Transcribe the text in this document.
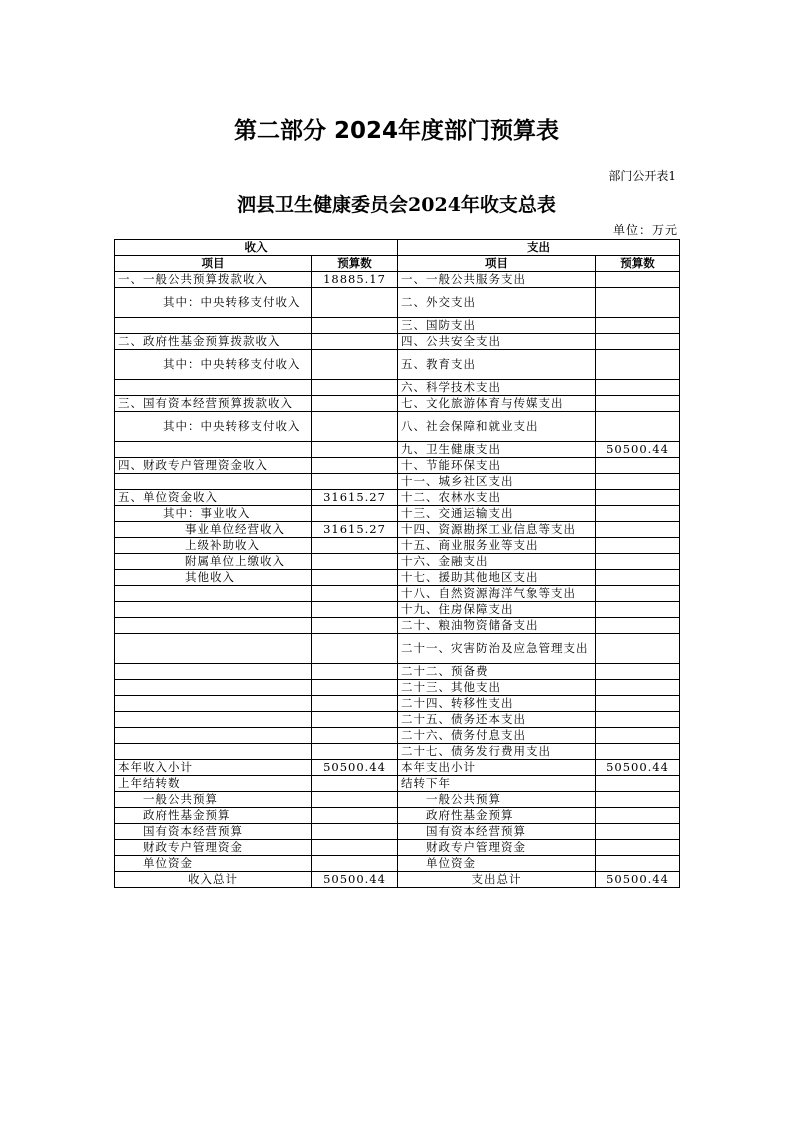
第二部分 2024年度部门预算表
部门公开表1
泗县卫生健康委员会2024年收支总表
单位：万元
收入		支出	
项目	预算数	项目	预算数
一、一般公共预算拨款收入	18885.17	一、一般公共服务支出	
其中：中央转移支付收入		二、外交支出	
		三、国防支出	
二、政府性基金预算拨款收入		四、公共安全支出	
其中：中央转移支付收入		五、教育支出	
		六、科学技术支出	
三、国有资本经营预算拨款收入		七、文化旅游体育与传媒支出	
其中：中央转移支付收入		八、社会保障和就业支出	
		九、卫生健康支出	50500.44
四、财政专户管理资金收入		十、节能环保支出	
		十一、城乡社区支出	
五、单位资金收入	31615.27	十二、农林水支出	
其中：事业收入		十三、交通运输支出	
事业单位经营收入	31615.27	十四、资源勘探工业信息等支出	
上级补助收入		十五、商业服务业等支出	
附属单位上缴收入		十六、金融支出	
其他收入		十七、援助其他地区支出	
		十八、自然资源海洋气象等支出	
		十九、住房保障支出	
		二十、粮油物资储备支出	
		二十一、灾害防治及应急管理支出	
		二十二、预备费	
		二十三、其他支出	
		二十四、转移性支出	
		二十五、债务还本支出	
		二十六、债务付息支出	
		二十七、债务发行费用支出	
本年收入小计	50500.44	本年支出小计	50500.44
上年结转数		结转下年	
一般公共预算		一般公共预算	
政府性基金预算		政府性基金预算	
国有资本经营预算		国有资本经营预算	
财政专户管理资金		财政专户管理资金	
单位资金		单位资金	
收入总计	50500.44	支出总计	50500.44
